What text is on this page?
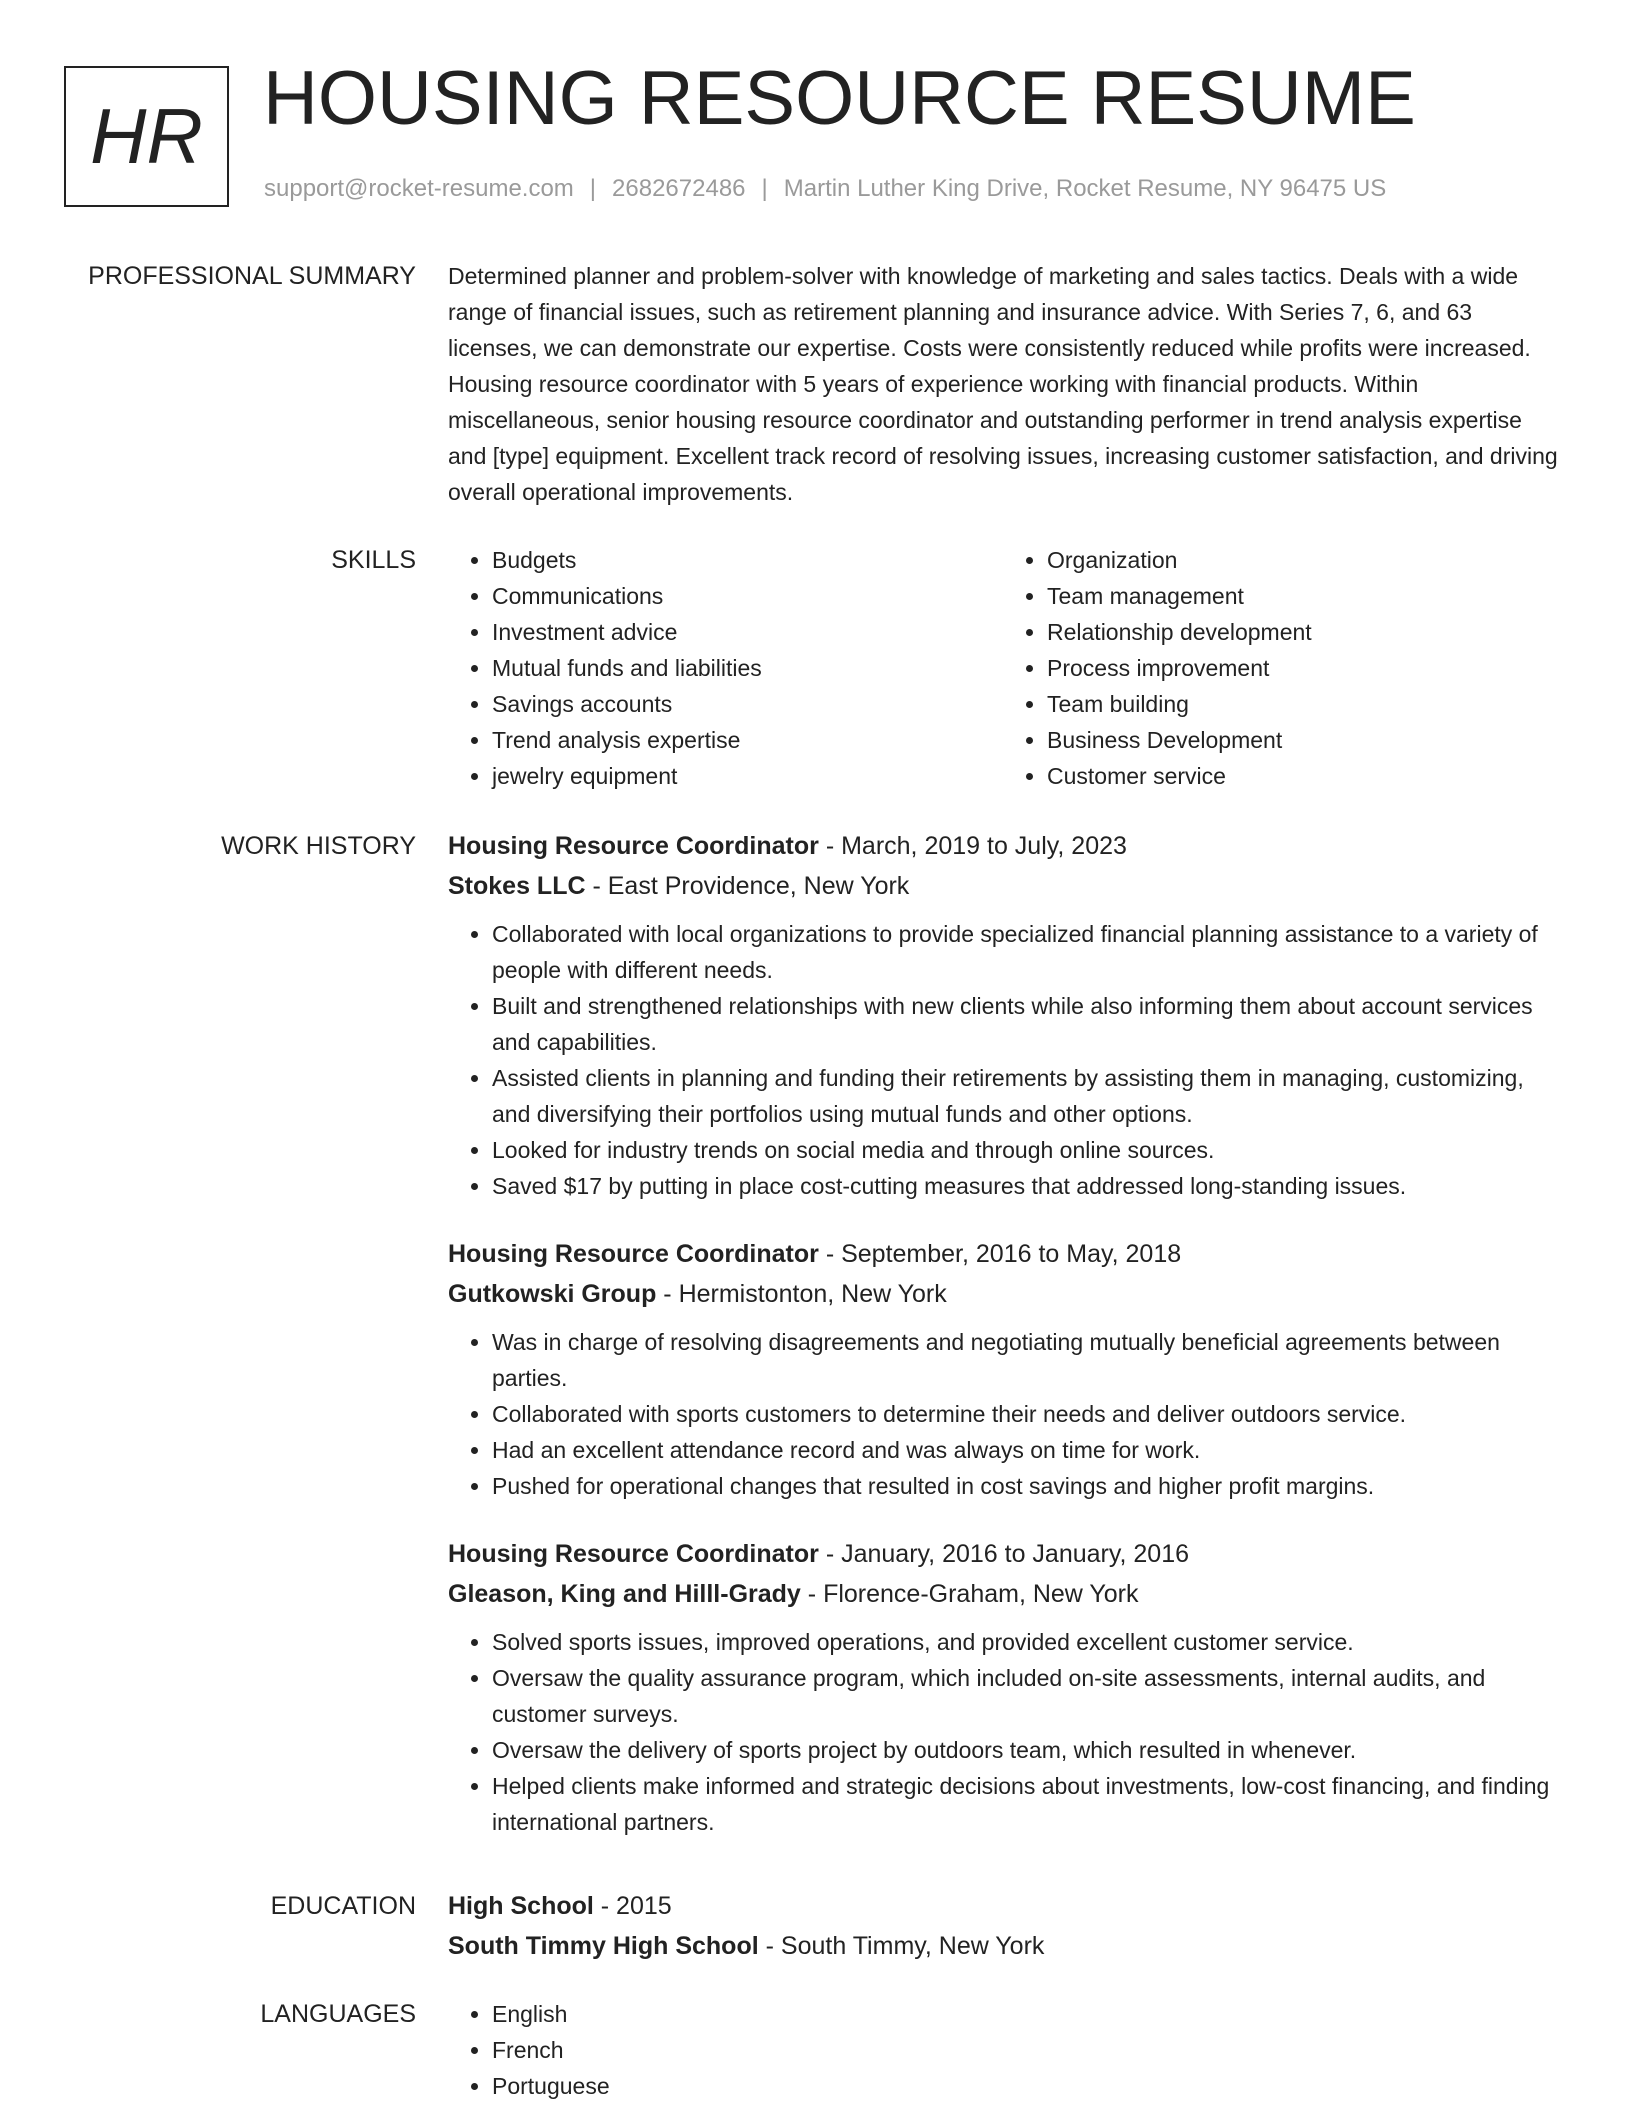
HR HOUSING RESOURCE RESUME
support@rocket-resume.com | 2682672486 | Martin Luther King Drive, Rocket Resume, NY 96475 US
PROFESSIONAL SUMMARY Determined planner and problem-solver with knowledge of marketing and sales tactics. Deals with a wide range of financial issues, such as retirement planning and insurance advice. With Series 7, 6, and 63 licenses, we can demonstrate our expertise. Costs were consistently reduced while profits were increased. Housing resource coordinator with 5 years of experience working with financial products. Within miscellaneous, senior housing resource coordinator and outstanding performer in trend analysis expertise and [type] equipment. Excellent track record of resolving issues, increasing customer satisfaction, and driving overall operational improvements.

SKILLS	• Budgets
• Communications
• Investment advice
• Mutual funds and liabilities
• Savings accounts
• Trend analysis expertise
• jewelry equipment
• Organization
• Team management
• Relationship development
• Process improvement
• Team building
• Business Development
• Customer service
WORK HISTORY Housing Resource Coordinator - March, 2019 to July, 2023
Stokes LLC - East Providence, New York
• Collaborated with local organizations to provide specialized financial planning assistance to a variety of people with different needs.
• Built and strengthened relationships with new clients while also informing them about account services and capabilities.
• Assisted clients in planning and funding their retirements by assisting them in managing, customizing, and diversifying their portfolios using mutual funds and other options.
• Looked for industry trends on social media and through online sources.
• Saved $17 by putting in place cost-cutting measures that addressed long-standing issues.
Housing Resource Coordinator - September, 2016 to May, 2018
Gutkowski Group - Hermistonton, New York
• Was in charge of resolving disagreements and negotiating mutually beneficial agreements between parties.
• Collaborated with sports customers to determine their needs and deliver outdoors service.
• Had an excellent attendance record and was always on time for work.
• Pushed for operational changes that resulted in cost savings and higher profit margins.
Housing Resource Coordinator - January, 2016 to January, 2016
Gleason, King and Hilll-Grady - Florence-Graham, New York
• Solved sports issues, improved operations, and provided excellent customer service.
• Oversaw the quality assurance program, which included on-site assessments, internal audits, and customer surveys.
• Oversaw the delivery of sports project by outdoors team, which resulted in whenever.
• Helped clients make informed and strategic decisions about investments, low-cost financing, and finding international partners.
EDUCATION High School - 2015
South Timmy High School - South Timmy, New York
LANGUAGES	• English
• French
• Portuguese
